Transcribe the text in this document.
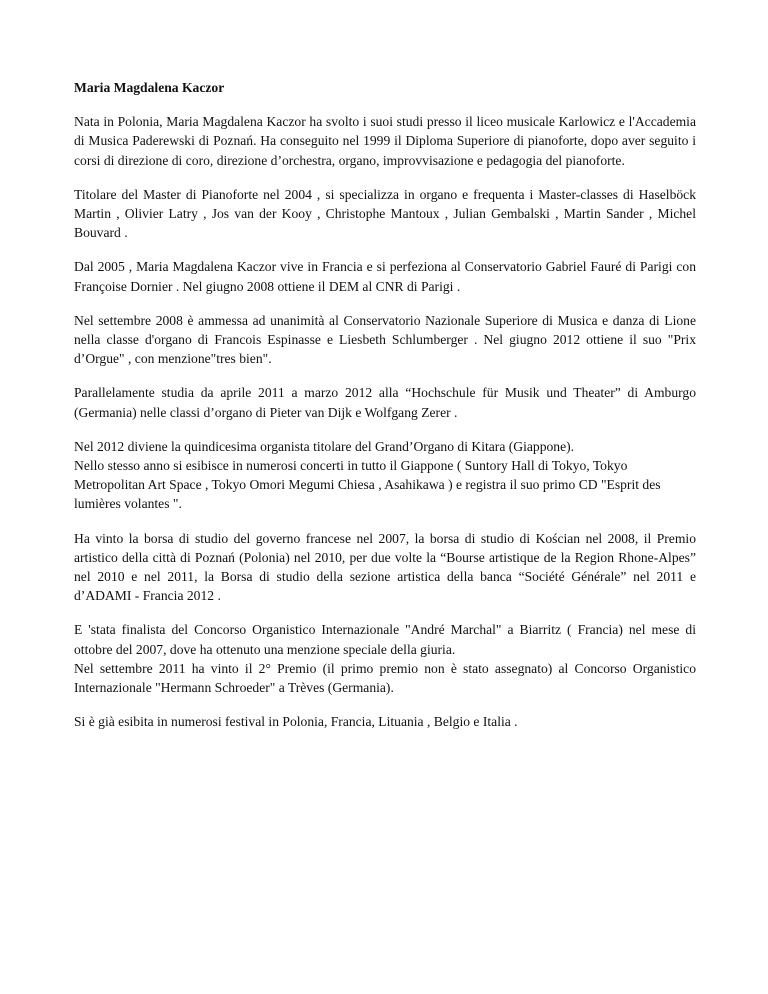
Maria Magdalena Kaczor
Nata in Polonia, Maria Magdalena Kaczor ha svolto i suoi studi presso il liceo musicale Karlowicz e l'Accademia di Musica Paderewski di Poznań. Ha conseguito nel 1999 il Diploma Superiore di pianoforte, dopo aver seguito i corsi di direzione di coro, direzione d’orchestra, organo, improvvisazione e pedagogia del pianoforte.
Titolare del Master di Pianoforte nel 2004 , si specializza in organo e frequenta i Master-classes di Haselböck Martin , Olivier Latry , Jos van der Kooy , Christophe Mantoux , Julian Gembalski , Martin Sander , Michel Bouvard .
Dal 2005 , Maria Magdalena Kaczor vive in Francia e si perfeziona al Conservatorio Gabriel Fauré di Parigi con Françoise Dornier . Nel giugno 2008 ottiene il DEM al CNR di Parigi .
Nel settembre 2008 è ammessa ad unanimità al Conservatorio Nazionale Superiore di Musica e danza di Lione nella classe d'organo di Francois Espinasse e Liesbeth Schlumberger . Nel giugno 2012 ottiene il suo "Prix d’Orgue" , con menzione"tres bien".
Parallelamente studia da aprile 2011 a marzo 2012 alla “Hochschule für Musik und Theater” di Amburgo (Germania) nelle classi d’organo di Pieter van Dijk e Wolfgang Zerer .
Nel 2012 diviene la quindicesima organista titolare del Grand’Organo di Kitara (Giappone).
Nello stesso anno si esibisce in numerosi concerti in tutto il Giappone ( Suntory Hall di Tokyo, Tokyo Metropolitan Art Space , Tokyo Omori Megumi Chiesa , Asahikawa ) e registra il suo primo CD "Esprit des lumières volantes ".
Ha vinto la borsa di studio del governo francese nel 2007, la borsa di studio di Kościan nel 2008, il Premio artistico della città di Poznań (Polonia) nel 2010, per due volte la “Bourse artistique de la Region Rhone-Alpes” nel 2010 e nel 2011, la Borsa di studio della sezione artistica della banca “Société Générale” nel 2011 e d’ADAMI - Francia 2012 .
E 'stata finalista del Concorso Organistico Internazionale "André Marchal" a Biarritz ( Francia) nel mese di ottobre del 2007, dove ha ottenuto una menzione speciale della giuria.
Nel settembre 2011 ha vinto il 2° Premio (il primo premio non è stato assegnato) al Concorso Organistico Internazionale "Hermann Schroeder" a Trèves (Germania).
Si è già esibita in numerosi festival in Polonia, Francia, Lituania , Belgio e Italia .
